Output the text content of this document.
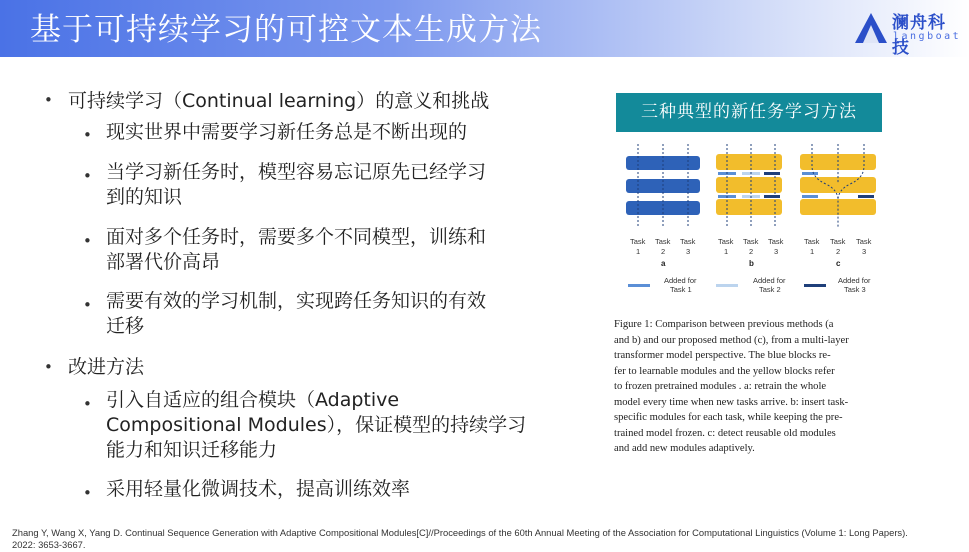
基于可持续学习的可控文本生成方法	澜舟科技
langboat
• 可持续学习（Continual learning）的意义和挑战
• 现实世界中需要学习新任务总是不断出现的
• 当学习新任务时，模型容易忘记原先已经学习
到的知识
• 面对多个任务时，需要多个不同模型，训练和
部署代价高昂
• 需要有效的学习机制，实现跨任务知识的有效
迁移
• 改进方法
• 引入自适应的组合模块（Adaptive
Compositional Modules），保证模型的持续学习
能力和知识迁移能力
• 采用轻量化微调技术，提高训练效率
三种典型的新任务学习方法
Task
1
Task
2
Task
3
a
Task
1
Task
2
Task
3
b
Task
1
Task
2
Task
3
c
Added for
Task 1
Added for
Task 2
Added for
Task 3
Figure 1: Comparison between previous methods (a
and b) and our proposed method (c), from a multi-layer
transformer model perspective. The blue blocks re-
fer to learnable modules and the yellow blocks refer
to frozen pretrained modules . a: retrain the whole
model every time when new tasks arrive. b: insert task-
specific modules for each task, while keeping the pre-
trained model frozen. c: detect reusable old modules
and add new modules adaptively.
Zhang Y, Wang X, Yang D. Continual Sequence Generation with Adaptive Compositional Modules[C]//Proceedings of the 60th Annual Meeting of the Association for Computational Linguistics (Volume 1: Long Papers).
2022: 3653-3667.
